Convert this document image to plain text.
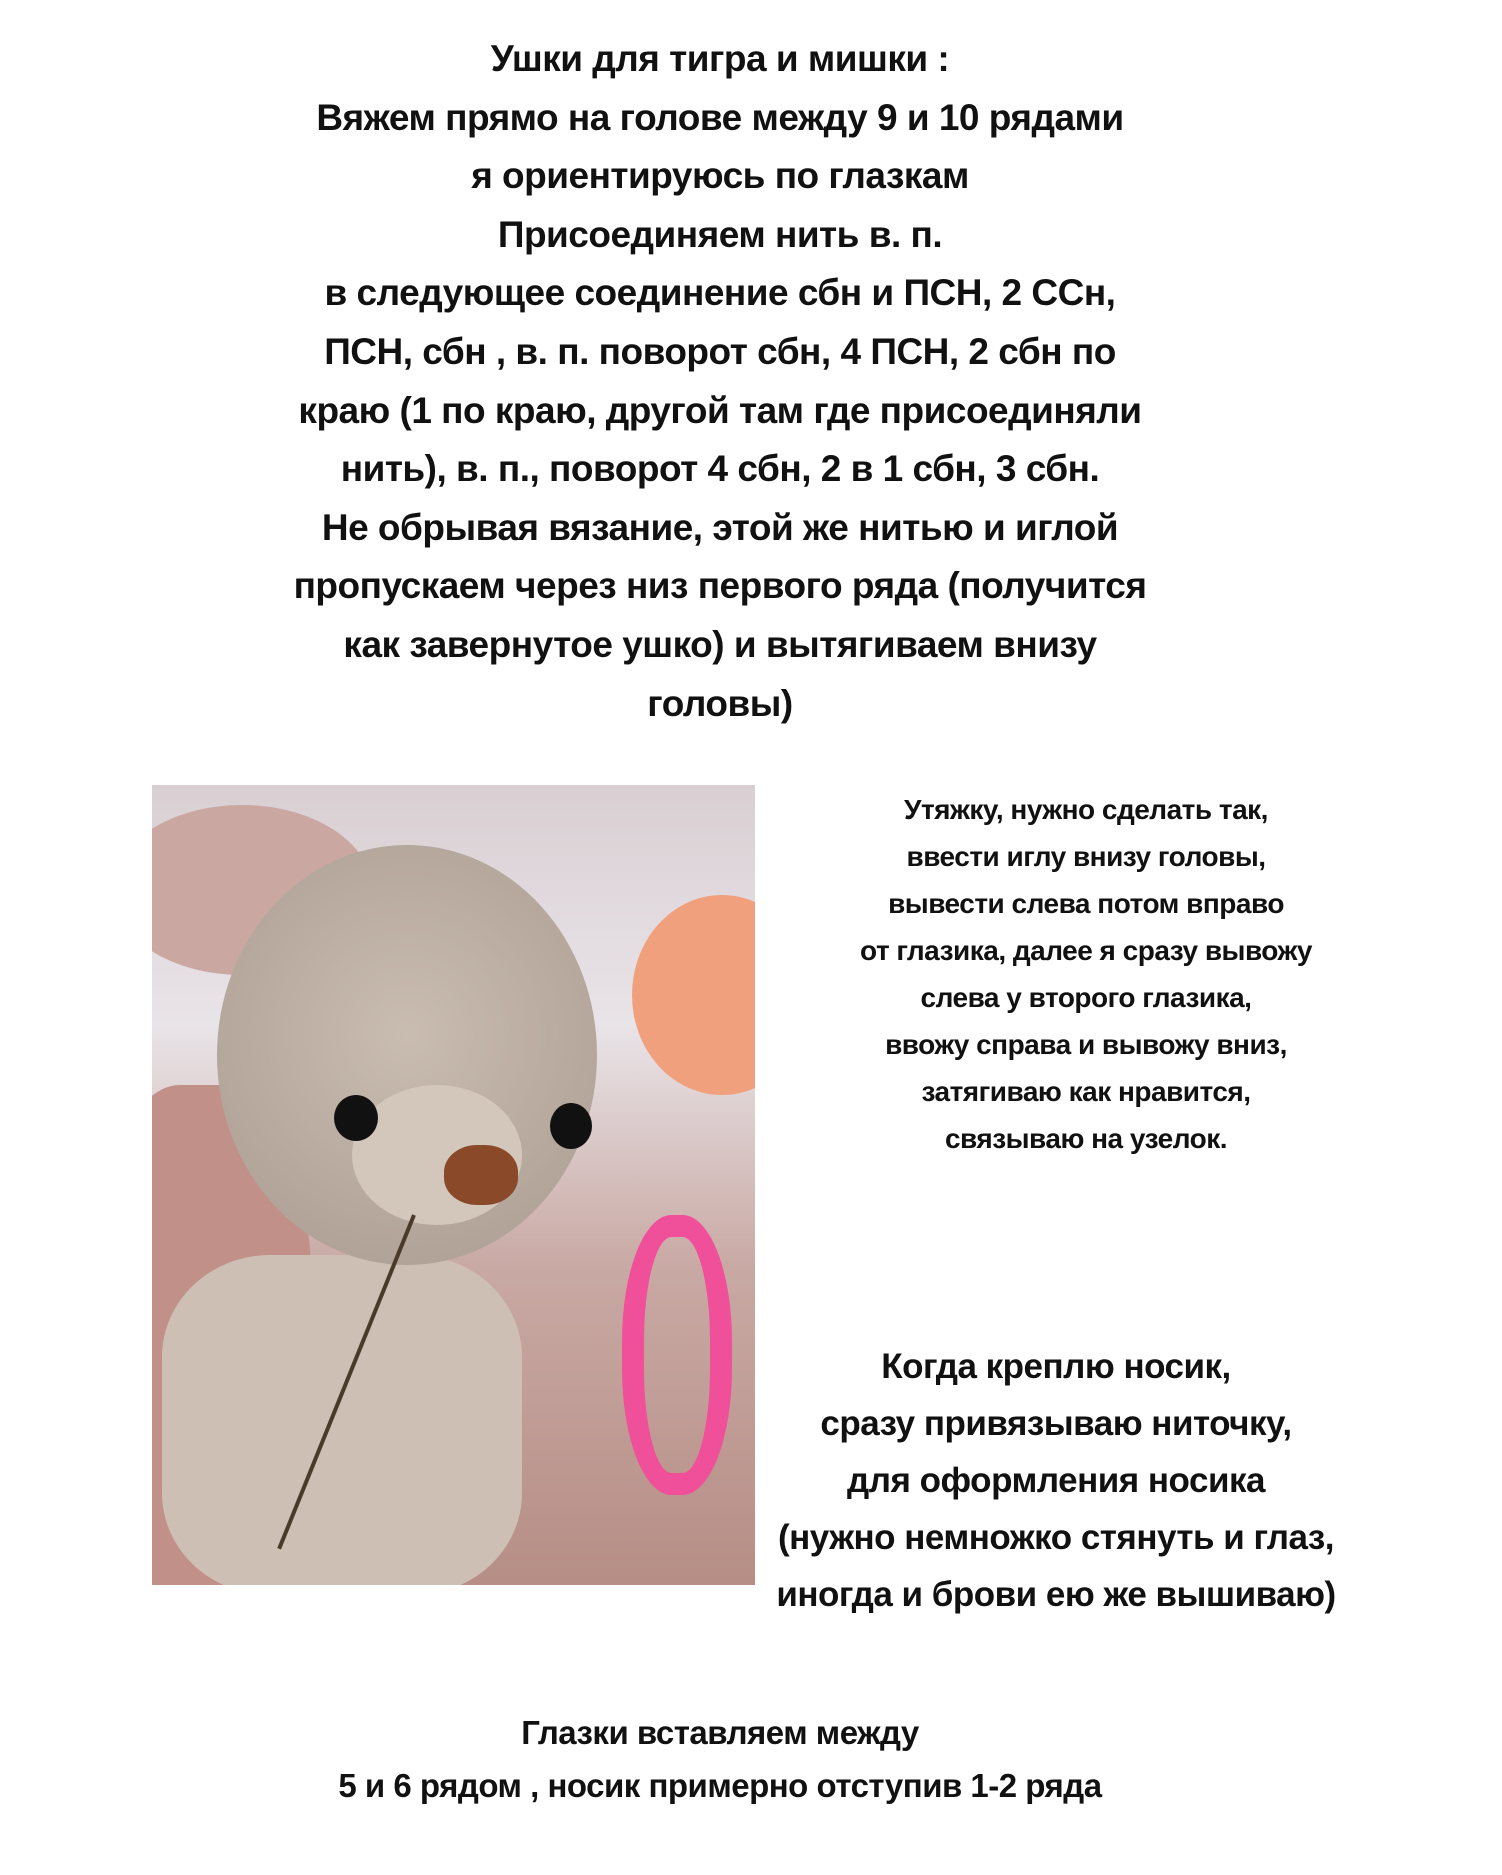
Ушки для тигра и мишки :
Вяжем прямо на голове между 9 и 10 рядами
я ориентируюсь по глазкам
Присоединяем нить в. п.
в следующее соединение сбн и ПСН, 2 ССн,
ПСН, сбн , в. п. поворот сбн, 4 ПСН, 2 сбн по
краю (1 по краю, другой там где присоединяли
нить), в. п., поворот 4 сбн, 2 в 1 сбн, 3 сбн.
Не обрывая вязание, этой же нитью и иглой
пропускаем через низ первого ряда (получится
как завернутое ушко) и вытягиваем внизу
головы)
Утяжку, нужно сделать так,
ввести иглу внизу головы,
вывести слева потом вправо
от глазика, далее я сразу вывожу
слева у второго глазика,
ввожу справа и вывожу вниз,
затягиваю как нравится,
связываю на узелок.
Когда креплю носик,
сразу привязываю ниточку,
для оформления носика
(нужно немножко стянуть и глаз,
иногда и брови ею же вышиваю)
Глазки вставляем между
5 и 6 рядом , носик примерно отступив 1-2 ряда
